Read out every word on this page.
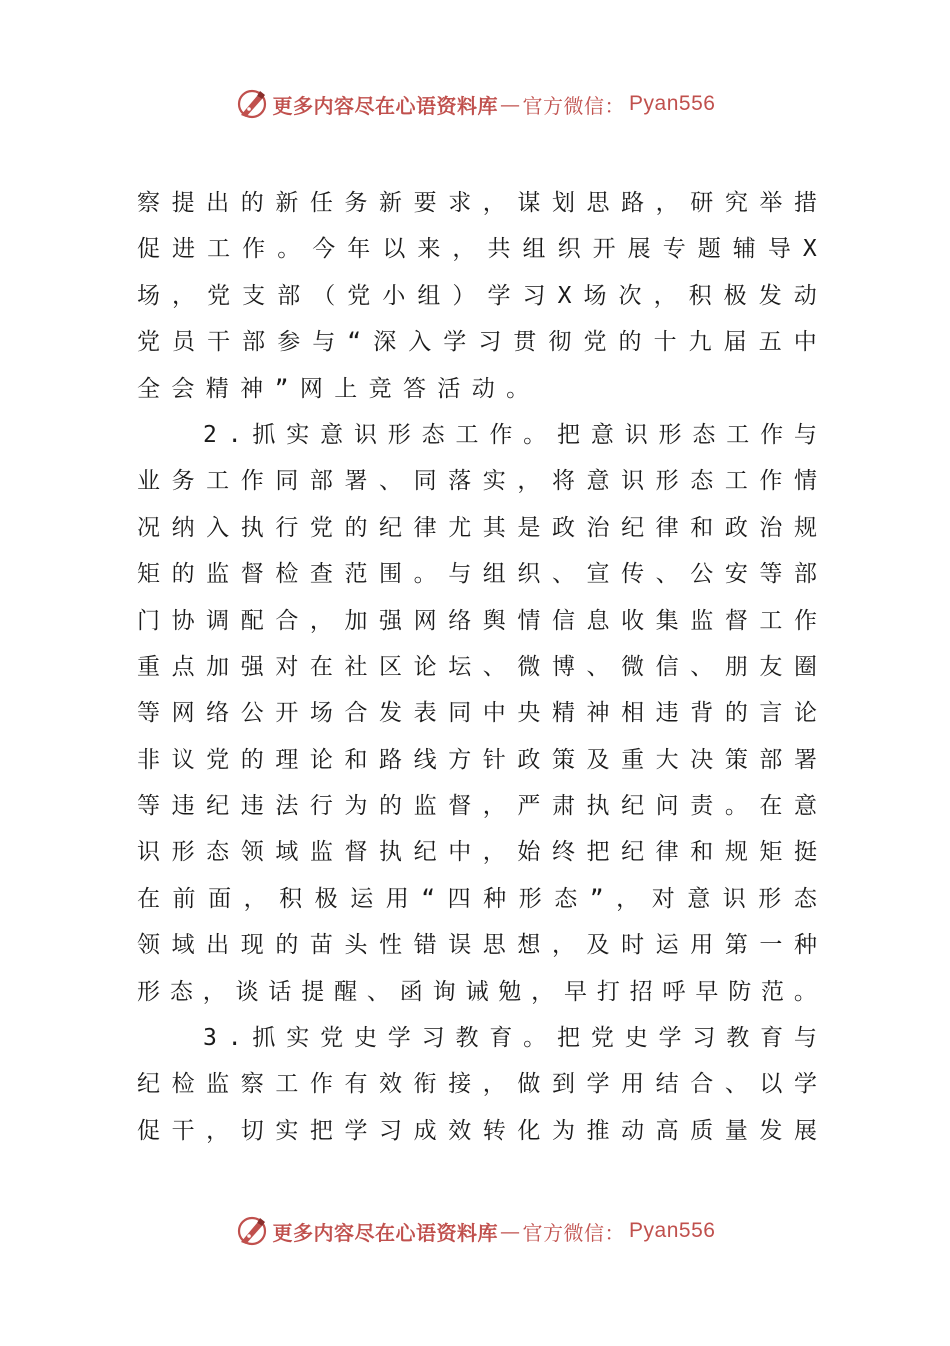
更多内容尽在心语资料库 — 官方微信： Pyan556
察 提 出 的 新 任 务 新 要 求 ， 谋 划 思 路 ， 研 究 举 措
促 进 工 作 。 今 年 以 来 ， 共 组 织 开 展 专 题 辅 导 X
场 ， 党 支 部 （ 党 小 组 ） 学 习 X 场 次 ， 积 极 发 动
党 员 干 部 参 与 “ 深 入 学 习 贯 彻 党 的 十 九 届 五 中
全 会 精 神 ” 网 上 竞 答 活 动 。
2 . 抓 实 意 识 形 态 工 作 。 把 意 识 形 态 工 作 与
业 务 工 作 同 部 署 、 同 落 实 ， 将 意 识 形 态 工 作 情
况 纳 入 执 行 党 的 纪 律 尤 其 是 政 治 纪 律 和 政 治 规
矩 的 监 督 检 查 范 围 。 与 组 织 、 宣 传 、 公 安 等 部
门 协 调 配 合 ， 加 强 网 络 舆 情 信 息 收 集 监 督 工 作
重 点 加 强 对 在 社 区 论 坛 、 微 博 、 微 信 、 朋 友 圈
等 网 络 公 开 场 合 发 表 同 中 央 精 神 相 违 背 的 言 论
非 议 党 的 理 论 和 路 线 方 针 政 策 及 重 大 决 策 部 署
等 违 纪 违 法 行 为 的 监 督 ， 严 肃 执 纪 问 责 。 在 意
识 形 态 领 域 监 督 执 纪 中 ， 始 终 把 纪 律 和 规 矩 挺
在 前 面 ， 积 极 运 用 “ 四 种 形 态 ” ， 对 意 识 形 态
领 域 出 现 的 苗 头 性 错 误 思 想 ， 及 时 运 用 第 一 种
形 态 ， 谈 话 提 醒 、 函 询 诫 勉 ， 早 打 招 呼 早 防 范 。
3 . 抓 实 党 史 学 习 教 育 。 把 党 史 学 习 教 育 与
纪 检 监 察 工 作 有 效 衔 接 ， 做 到 学 用 结 合 、 以 学
促 干 ， 切 实 把 学 习 成 效 转 化 为 推 动 高 质 量 发 展
更多内容尽在心语资料库 — 官方微信： Pyan556
